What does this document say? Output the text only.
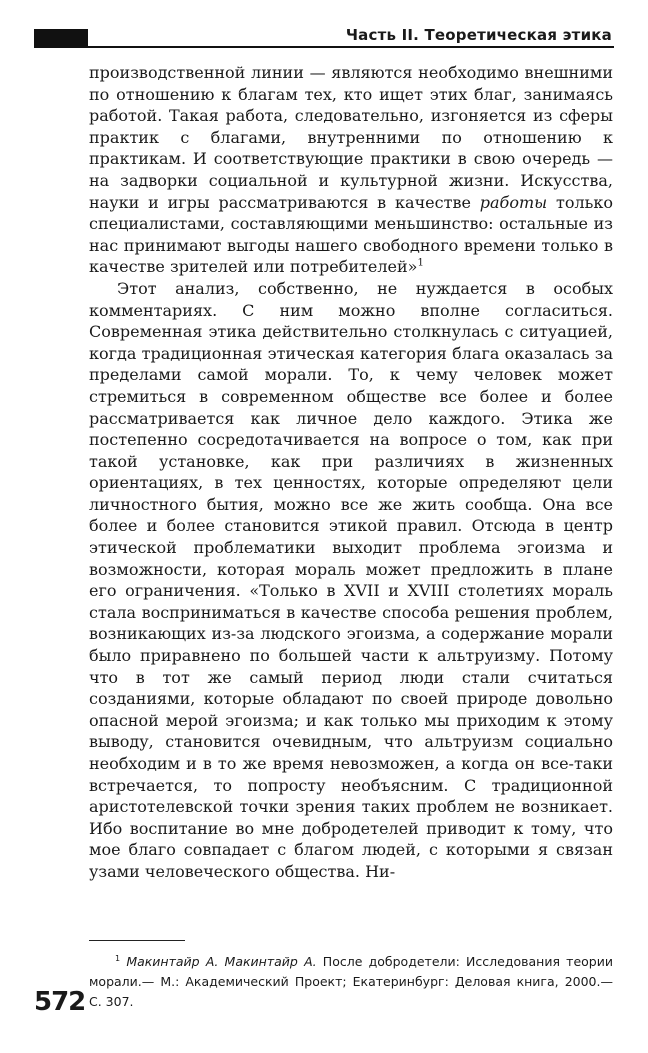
Часть II. Теоретическая этика

производственной линии — являются необходимо внешними по отношению к благам тех, кто ищет этих благ, занимаясь работой. Такая работа, следовательно, изгоняется из сферы практик с благами, внутренними по отношению к практикам. И соответствующие практики в свою очередь — на задворки социальной и культурной жизни. Искусства, науки и игры рассматриваются в качестве работы только специалистами, составляющими меньшинство: остальные из нас принимают выгоды нашего свободного времени только в качестве зрителей или потребителей»$^1$

Этот анализ, собственно, не нуждается в особых комментариях. С ним можно вполне согласиться. Современная этика действительно столкнулась с ситуацией, когда традиционная этическая категория блага оказалась за пределами самой морали. То, к чему человек может стремиться в современном обществе все более и более рассматривается как личное дело каждого. Этика же постепенно сосредотачивается на вопросе о том, как при такой установке, как при различиях в жизненных ориентациях, в тех ценностях, которые определяют цели личностного бытия, можно все же жить сообща. Она все более и более становится этикой правил. Отсюда в центр этической проблематики выходит проблема эгоизма и возможности, которая мораль может предложить в плане его ограничения. «Только в XVII и XVIII столетиях мораль стала восприниматься в качестве способа решения проблем, возникающих из-за людского эгоизма, а содержание морали было приравнено по большей части к альтруизму. Потому что в тот же самый период люди стали считаться созданиями, которые обладают по своей природе довольно опасной мерой эгоизма; и как только мы приходим к этому выводу, становится очевидным, что альтруизм социально необходим и в то же время невозможен, а когда он все-таки встречается, то попросту необъясним. С традиционной аристотелевской точки зрения таких проблем не возникает. Ибо воспитание во мне добродетелей приводит к тому, что мое благо совпадает с благом людей, с которыми я связан узами человеческого общества. Ни-

$^1$ Макинтайр А. Макинтайр А. После добродетели: Исследования теории морали.— М.: Академический Проект; Екатеринбург: Деловая книга, 2000.— С. 307.

572
